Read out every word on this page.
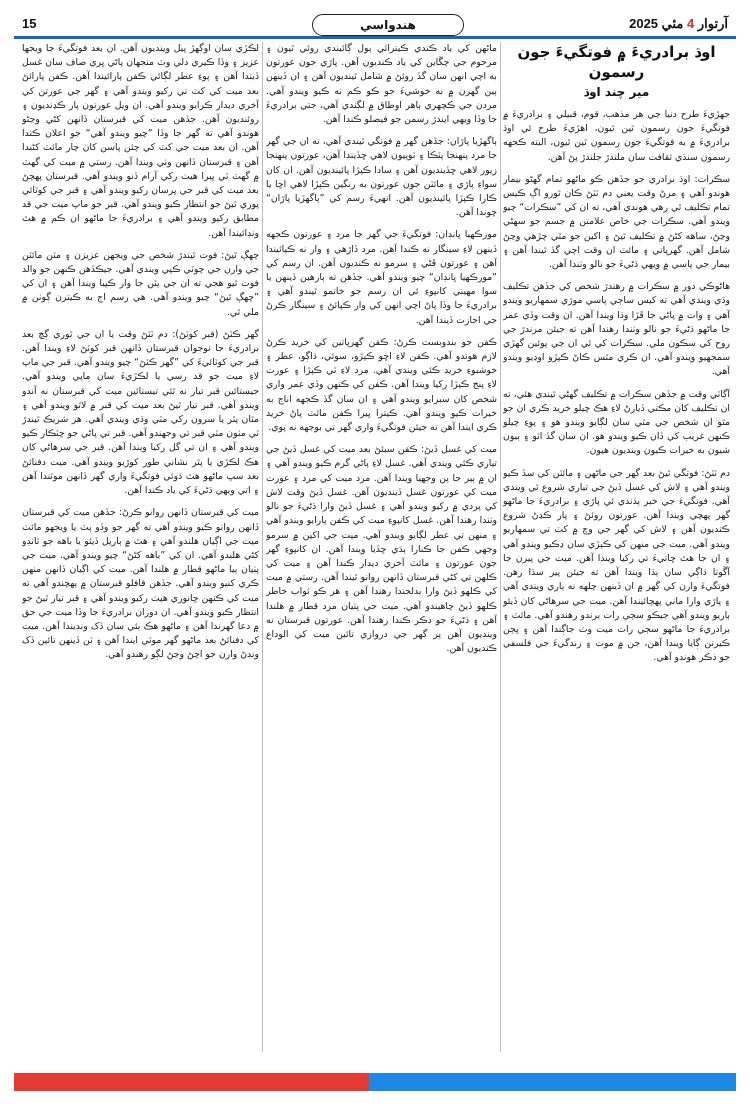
15	هندواسي	آرتوار 4 مئي 2025
اوڌ برادريءَ ۾ فوتگيءَ جون رسمون
مير چند اوڌ

جهڙيءَ طرح دنيا جي هر مذهب، قوم، قبيلي ۽ برادريءَ ۾ فوتگيءَ جون رسمون ٿين ٿيون، اهڙيءَ طرح ئي اوڌ برادريءَ ۾ به فوتگيءَ جون رسمون ٿين ٿيون، البته ڪجهه رسمون سنڌي ثقافت سان ملندڙ جلندڙ پڻ آهن.

سڪرات: اوڌ برادري جو جڏهن ڪو ماڻهو تمام گهڻو بيمار هوندو آهي ۽ مرڻ وقت يعني دم ٽٽڻ ڪان ٿورو اڳ ڪيس تمام تڪليف ٿي رهي هوندي آهي، ته ان کي ”سڪرات“ چيو ويندو آهي. سڪرات جي خاص علامتن ۾ جسم جو سهڻي وڃڻ، ساهه کڻڻ ۾ تڪليف ٿيڻ ۽ اکين جو مٿي چڙهي وڃڻ شامل آهن. گهرڀاتي ۽ مائٽ ان وقت اچي گڏ ٿيندا آهن ۽ بيمار جي پاسي ۾ ويهي ڌڻيءَ جو نالو وٺندا آهن.

هاڻوڪي دور ۾ سڪرات ۾ رهندڙ شخص کي جڏهن تڪليف وڌي ويندي آهي ته کيس ساڄي پاسي موڙي سمهاريو ويندو آهي ۽ وات ۾ پاڻي جا ڦڙا وڌا ويندا آهن. ان وقت وڏي عمر جا ماڻهو ڌڻيءَ جو نالو وٺندا رهندا آهن ته جيئن مرندڙ جي روح کي سڪون ملي. سڪرات کي ئي ان جي پوئين گهڙي سمجهيو ويندو آهي. ان ڪري مٿس ڪاڻ ڪپڙو اوڍيو ويندو آهي.

آڳاٽي وقت ۾ جڏهن سڪرات ۾ تڪليف گهڻي ٿيندي هئي، ته ان تڪليف کان مڪتي ڏيارڻ لاءِ هڪ چيلو خريد ڪري ان جو مٿو ان شخص جي مٿي سان لڳايو ويندو هو ۽ پوءِ چيلو ڪنهن غريب کي ڏان ڪيو ويندو هو. ان سان گڏ اٽو ۽ ٻيون شيون به خيرات ڪيون وينديون هيون.

دم ٽٽڻ: فوتگي ٿيڻ بعد گهر جي ماڻهن ۽ مائٽن کي سڏ ڪيو ويندو آهي ۽ لاش کي غسل ڏيڻ جي تياري شروع ٿي ويندي آهي. فوتگيءَ جي خبر ٻڌندي ئي پاڙي ۽ برادريءَ جا ماڻهو گهر پهچي ويندا آهن. عورتون روئڻ ۽ پار ڪڍڻ شروع ڪنديون آهن ۽ لاش کي گهر جي وچ ۾ کٽ تي سمهاريو ويندو آهي. ميت جي منهن کي ڪپڙي سان ڍڪيو ويندو آهي ۽ ان جا هٿ ڇاتيءَ تي رکيا ويندا آهن. ميت جي پيرن جا آڱوٺا ڌاڳي سان ٻڌا ويندا آهن ته جيئن پير سڌا رهن. فوتگيءَ وارن کي گهر ۾ ان ڏينهن چلهه نه ٻاري ويندي آهي ۽ پاڙي وارا ماني پهچائيندا آهن. ميت جي سرهاڻي کان ڏيئو ٻاريو ويندو آهي جيڪو سڄي رات ٻرندو رهندو آهي. مائٽ ۽ برادريءَ جا ماڻهو سڄي رات ميت وٽ جاڳندا آهن ۽ ڀڄن ڪيرتن ڳايا ويندا آهن، جن ۾ موت ۽ زندگيءَ جي فلسفي جو ذڪر هوندو آهي.

ماڻهن کي ياد ڪندي ڪيترائي ٻول ڳائيندي روئي ٿيون ۽ مرحوم جي چڱاين کي ياد ڪنديون آهن. پاڙي جون عورتون به اچي انهن سان گڏ روئڻ ۾ شامل ٿينديون آهن ۽ ان ڏينهن ٻين گهرن ۾ به خوشيءَ جو ڪو ڪم نه ڪيو ويندو آهي. مردن جي ڪچهري ٻاهر اوطاق ۾ لڳندي آهي، جتي برادريءَ جا وڏا ويهي ايندڙ رسمن جو فيصلو ڪندا آهن.

ٻاگهڙيا پاڙان: جڏهن گهر ۾ فوتگي ٿيندي آهي، ته ان جي گهر جا مرد پنهنجا پٽڪا ۽ ٽوپيون لاهي ڇڏيندا آهن، عورتون پنهنجا زيور لاهي ڇڏينديون آهن ۽ سادا ڪپڙا پائينديون آهن. ان کان سواءِ پاڙي ۽ مائٽن جون عورتون به رنگين ڪپڙا لاهي اڇا يا ڪارا ڪپڙا پائينديون آهن. انهيءَ رسم کي ”ٻاگهڙيا پاڙان“ چوندا آهن.

مورڪهيا ڀانڊان: فوتگيءَ جي گهر جا مرد ۽ عورتون ڪجهه ڏينهن لاءِ سينگار نه ڪندا آهن. مرد ڏاڙهي ۽ وار نه ڪپائيندا آهن ۽ عورتون ڦڻي ۽ سرمو نه ڪنديون آهن. ان رسم کي ”مورڪهيا ڀانڊان“ چيو ويندو آهي. جڏهن ته ٻارهين ڏينهن يا سوا مهيني کانپوءِ ئي ان رسم جو خاتمو ٿيندو آهي ۽ برادريءَ جا وڏا پاڻ اچي انهن کي وار ڪپائڻ ۽ سينگار ڪرڻ جي اجازت ڏيندا آهن.

ڪفن جو بندوبست ڪرڻ: ڪفن گهرڀاتين کي خريد ڪرڻ لازم هوندو آهي. ڪفن لاءِ اڇو ڪپڙو، سوئي، ڌاڳو، عطر ۽ خوشبوءِ خريد ڪئي ويندي آهي. مرد لاءِ ٽي ڪپڙا ۽ عورت لاءِ پنج ڪپڙا رکيا ويندا آهن. ڪفن کي ڪنهن وڏي عمر واري شخص کان سبرايو ويندو آهي ۽ ان سان گڏ ڪجهه اناج به خيرات ڪيو ويندو آهي. ڪيترا ڀيرا ڪفن مائٽ پاڻ خريد ڪري ايندا آهن ته جيئن فوتگيءَ واري گهر تي بوجهه نه پوي.

ميت کي غسل ڏيڻ: ڪفن سبئڻ بعد ميت کي غسل ڏيڻ جي تياري ڪئي ويندي آهي. غسل لاءِ پاڻي گرم ڪيو ويندو آهي ۽ ان ۾ ٻير جا پن وجهيا ويندا آهن. مرد ميت کي مرد ۽ عورت ميت کي عورتون غسل ڏينديون آهن. غسل ڏيڻ وقت لاش کي پردي ۾ رکيو ويندو آهي ۽ غسل ڏيڻ وارا ڌڻيءَ جو نالو وٺندا رهندا آهن. غسل کانپوءِ ميت کي ڪفن پارايو ويندو آهي ۽ منهن تي عطر لڳايو ويندو آهي. ميت جي اکين ۾ سرمو وجهي ڪفن جا ڪنارا ٻڌي ڇڏيا ويندا آهن. ان کانپوءِ گهر جون عورتون ۽ مائٽ آخري ديدار ڪندا آهن ۽ ميت کي ڪلهن تي کڻي قبرستان ڏانهن روانو ٿيندا آهن. رستي ۾ ميت کي ڪلهو ڏيڻ وارا بدلجندا رهندا آهن ۽ هر ڪو ثواب خاطر ڪلهو ڏيڻ چاهيندو آهي. ميت جي پٺيان مرد قطار ۾ هلندا آهن ۽ ڌڻيءَ جو ذڪر ڪندا رهندا آهن. عورتون قبرستان نه وينديون آهن پر گهر جي دروازي تائين ميت کي الوداع ڪنديون آهن.

لڪڙي سان اوڳهڙ پيل وينديون آهن. ان بعد فوتگيءَ جا ويجها عزيز ۽ وڏا ڪيري دلي وٽ منجهان پاڻي ڀري صاف سان غسل ڏيندا آهن ۽ پوءِ عطر لڳائي ڪفن پارائيندا آهن. ڪفن پارائڻ بعد ميت کي کٽ تي رکيو ويندو آهي ۽ گهر جي عورتن کي آخري ديدار ڪرايو ويندو آهي. ان ويل عورتون پار ڪڍنديون ۽ روئنديون آهن. جڏهن ميت کي قبرستان ڏانهن کڻي وڃڻو هوندو آهي ته گهر جا وڏا ”چيو ويندو آهي“ جو اعلان ڪندا آهن. ان بعد ميت جي کٽ کي چئن پاسن کان چار مائٽ کڻندا آهن ۽ قبرستان ڏانهن وٺي ويندا آهن. رستي ۾ ميت کي گهٽ ۾ گهٽ ٽي ڀيرا هيٺ رکي آرام ڏنو ويندو آهي. قبرستان پهچڻ بعد ميت کي قبر جي ڀرسان رکيو ويندو آهي ۽ قبر جي کوٽائي پوري ٿيڻ جو انتظار ڪيو ويندو آهي. قبر جو ماپ ميت جي قد مطابق رکيو ويندو آهي ۽ برادريءَ جا ماڻهو ان ڪم ۾ هٿ ونڊائيندا آهن.

چهڳ ٿيڻ: فوت ٿيندڙ شخص جي ويجهن عزيزن ۽ مٽن مائٽن جي وارن جي چوٽي ڪپي ويندي آهي. جيڪڏهن ڪنهن جو والد فوت ٿيو هجي ته ان جي پٽن جا وار ڪپيا ويندا آهن ۽ ان کي ”چهڳ ٿيڻ“ چيو ويندو آهي. هي رسم اڄ به ڪيترن ڳوٺن ۾ ملي ٿي.

گهر ڪٽڻ (قبر کوٽڻ): دم ٽٽڻ وقت يا ان جي ٿوري ڳچ بعد برادريءَ جا نوجوان قبرستان ڏانهن قبر کوٽڻ لاءِ ويندا آهن. قبر جي کوٽائيءَ کي ”گهر ڪٽڻ“ چيو ويندو آهي. قبر جي ماپ لاءِ ميت جو قد رسي يا لڪڙيءَ سان ماپي ويندو آهي. جيستائين قبر تيار نه ٿئي تيستائين ميت کي قبرستان نه آندو ويندو آهي. قبر تيار ٿيڻ بعد ميت کي قبر ۾ لاٿو ويندو آهي ۽ مٿان پٿر يا سرون رکي مٽي وڌي ويندي آهي. هر شريڪ ٿيندڙ ٽي مٺون مٽي قبر تي وجهندو آهي. قبر تي پاڻي جو ڇٽڪار ڪيو ويندو آهي ۽ ان تي گل رکيا ويندا آهن. قبر جي سرهاڻي کان هڪ لڪڙي يا پٿر نشاني طور کوڙيو ويندو آهي. ميت دفنائڻ بعد سڀ ماڻهو هٿ ڌوئي فوتگيءَ واري گهر ڏانهن موٽندا آهن ۽ اتي ويهي ڌڻيءَ کي ياد ڪندا آهن.

ميت کي قبرستان ڏانهن روانو ڪرڻ: جڏهن ميت کي قبرستان ڏانهن روانو ڪيو ويندو آهي ته گهر جو وڏو پٽ يا ويجهو مائٽ ميت جي اڳيان هلندو آهي ۽ هٿ ۾ ٻاريل ڏيئو يا باهه جو ٽانڊو کڻي هلندو آهي. ان کي ”باهه کڻڻ“ چيو ويندو آهي. ميت جي پٺيان ٻيا ماڻهو قطار ۾ هلندا آهن. ميت کي اڳيان ڏانهن منهن ڪري کنيو ويندو آهي. جڏهن قافلو قبرستان ۾ پهچندو آهي ته ميت کي ڪنهن ڇانوري هيٺ رکيو ويندو آهي ۽ قبر تيار ٿيڻ جو انتظار ڪيو ويندو آهي. ان دوران برادريءَ جا وڏا ميت جي حق ۾ دعا گهرندا آهن ۽ ماڻهو هڪ ٻئي سان ڏک ونڊيندا آهن. ميت کي دفنائڻ بعد ماڻهو گهر موٽي ايندا آهن ۽ ٽن ڏينهن تائين ڏک ونڊڻ وارن جو اچڻ وڃڻ لڳو رهندو آهي.
